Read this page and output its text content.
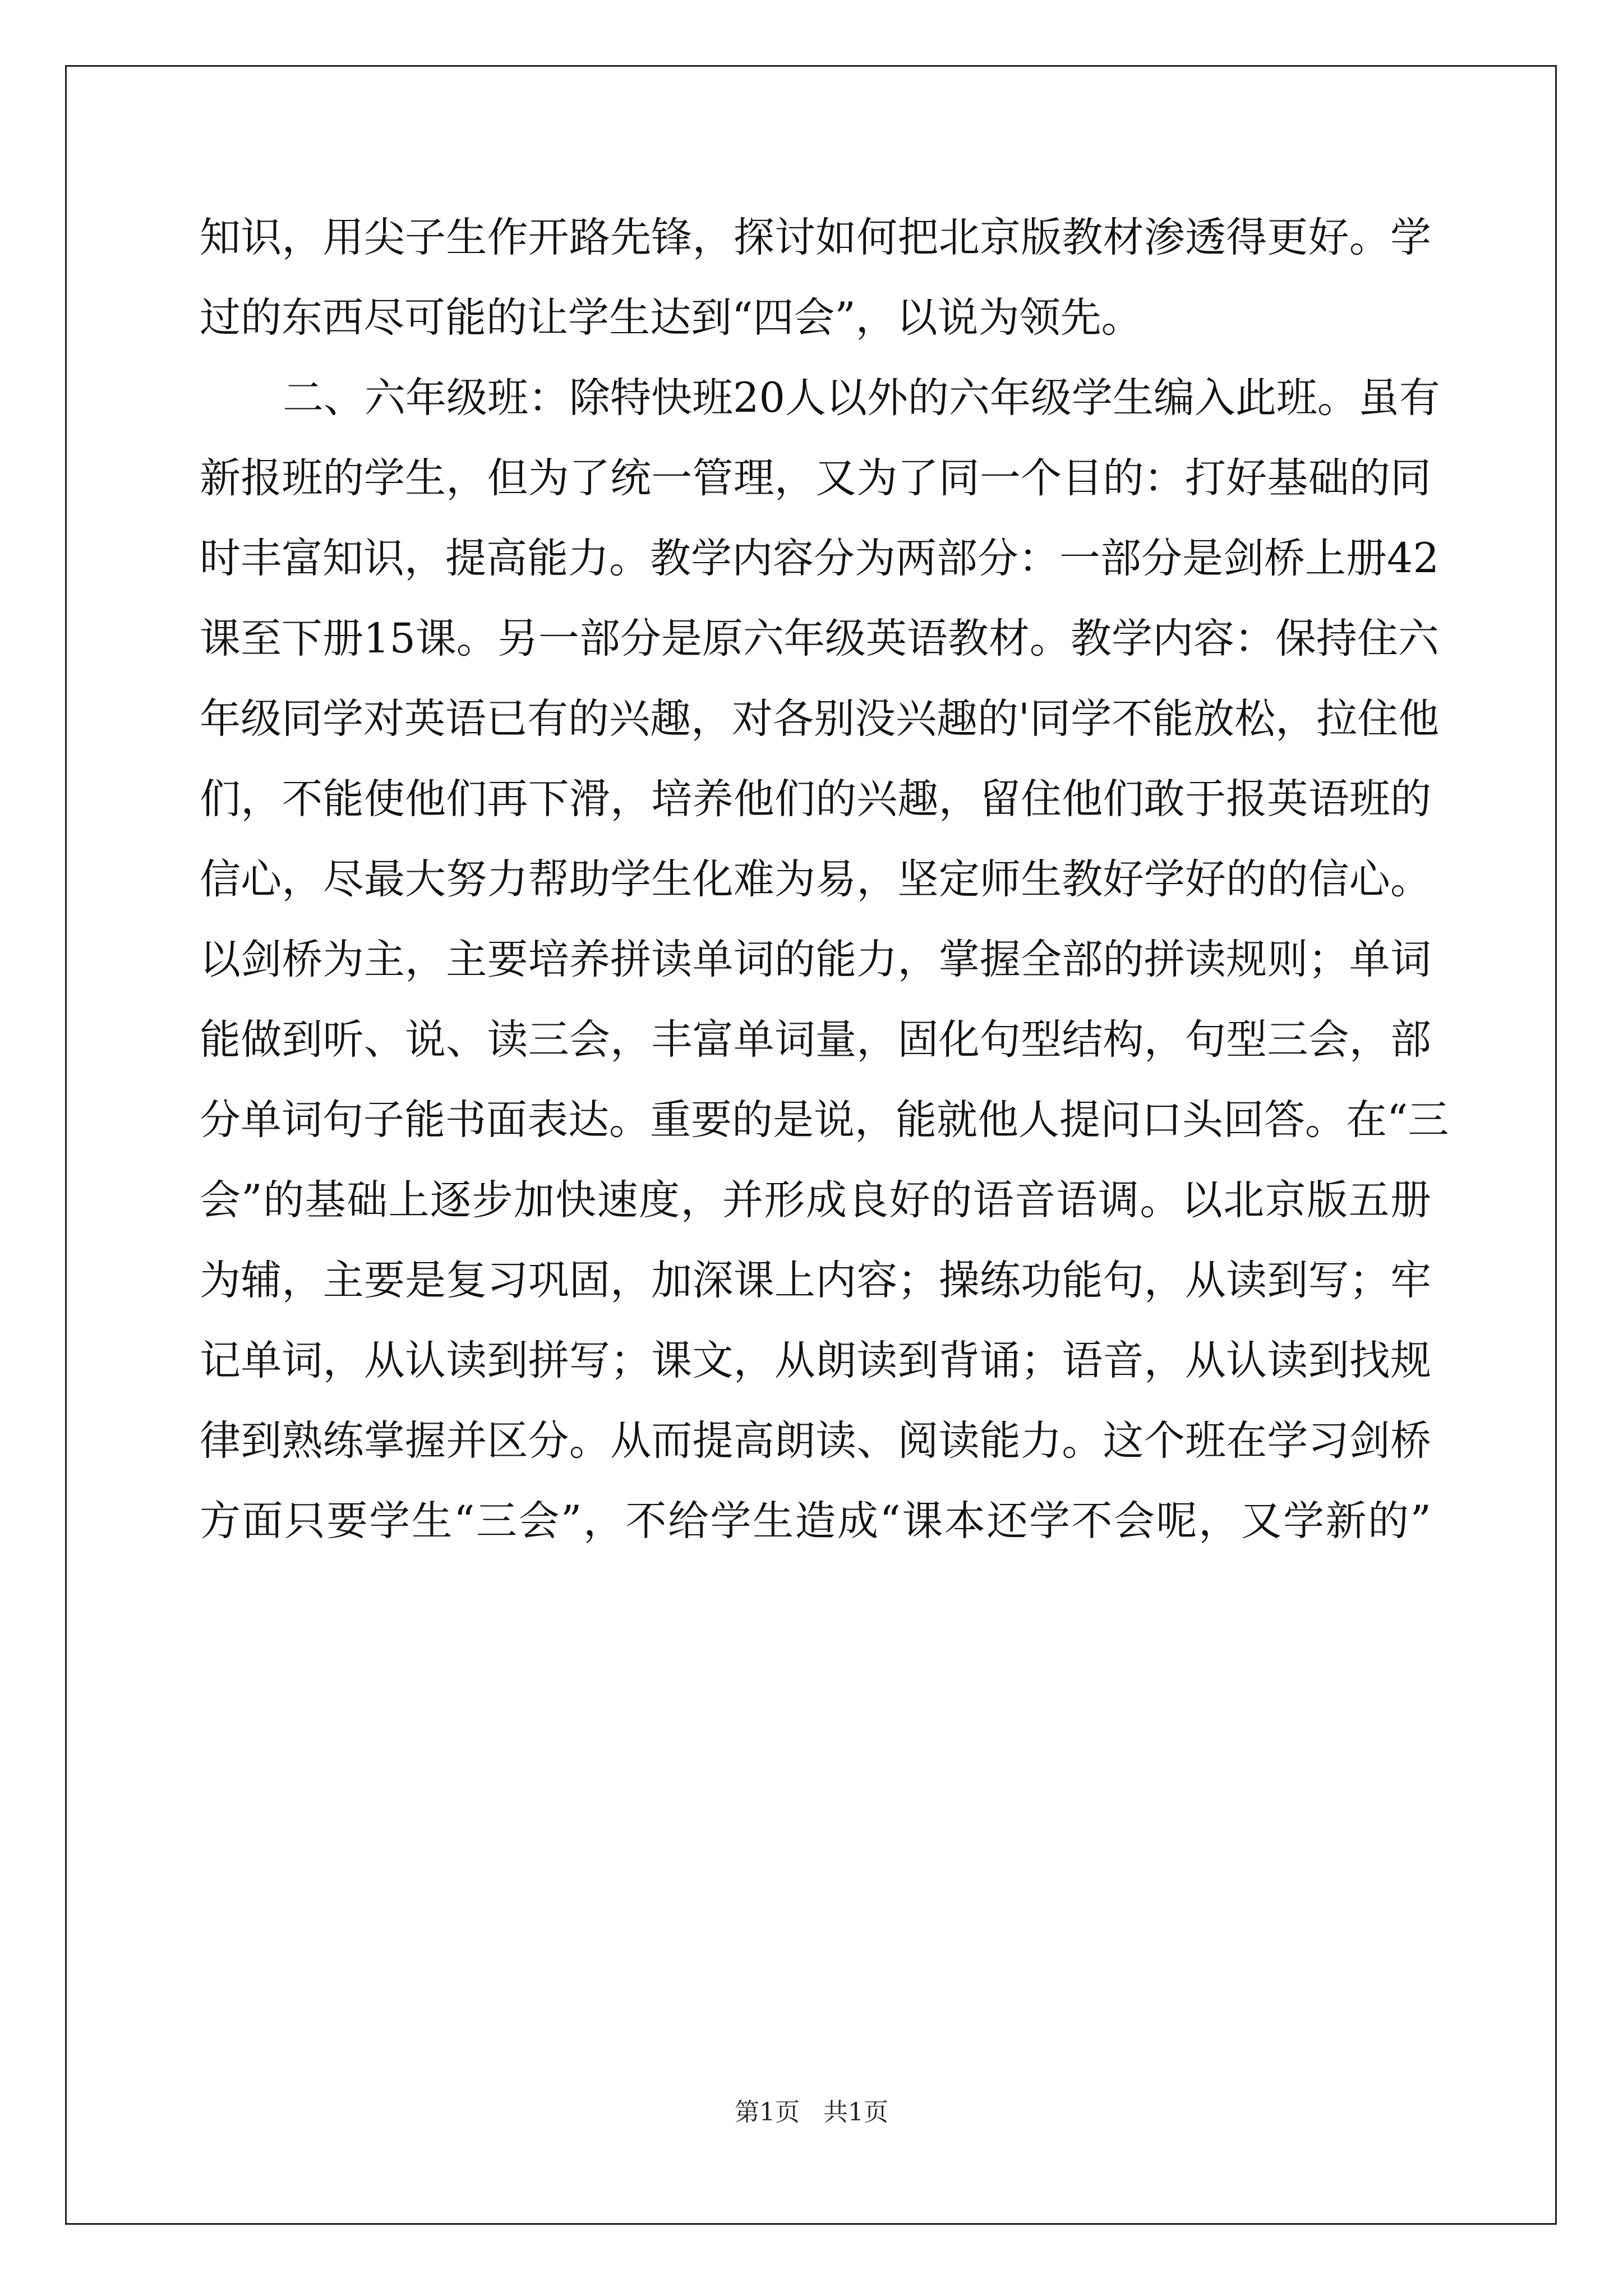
知识，用尖子生作开路先锋，探讨如何把北京版教材渗透得更好。学
过的东西尽可能的让学生达到“四会”，以说为领先。
二、六年级班：除特快班20人以外的六年级学生编入此班。虽有
新报班的学生，但为了统一管理，又为了同一个目的：打好基础的同
时丰富知识，提高能力。教学内容分为两部分：一部分是剑桥上册42
课至下册15课。另一部分是原六年级英语教材。教学内容：保持住六
年级同学对英语已有的兴趣，对各别没兴趣的'同学不能放松，拉住他
们，不能使他们再下滑，培养他们的兴趣，留住他们敢于报英语班的
信心，尽最大努力帮助学生化难为易，坚定师生教好学好的的信心。
以剑桥为主，主要培养拼读单词的能力，掌握全部的拼读规则；单词
能做到听、说、读三会，丰富单词量，固化句型结构，句型三会，部
分单词句子能书面表达。重要的是说，能就他人提问口头回答。在“三
会”的基础上逐步加快速度，并形成良好的语音语调。以北京版五册
为辅，主要是复习巩固，加深课上内容；操练功能句，从读到写；牢
记单词，从认读到拼写；课文，从朗读到背诵；语音，从认读到找规
律到熟练掌握并区分。从而提高朗读、阅读能力。这个班在学习剑桥
方面只要学生“三会”，不给学生造成“课本还学不会呢，又学新的”
第1页 共1页
